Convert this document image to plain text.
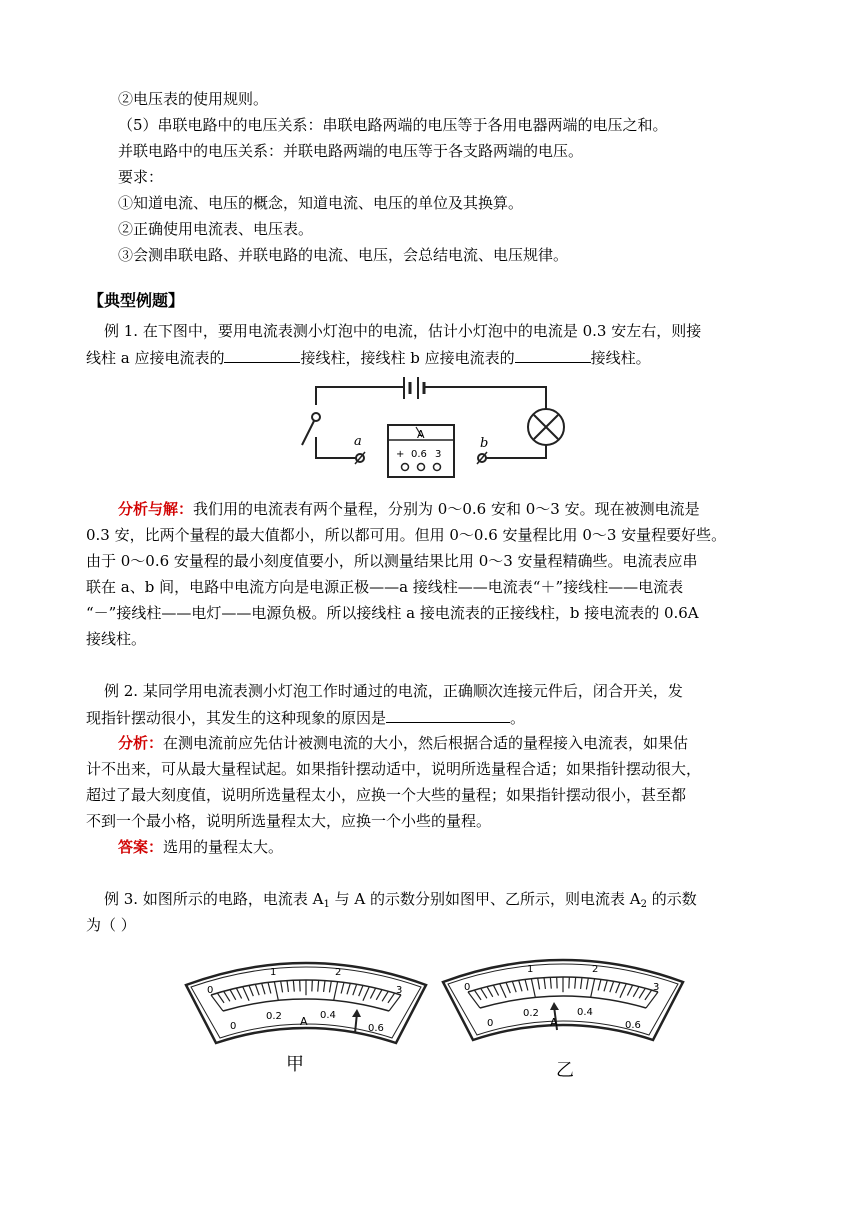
②电压表的使用规则。
（5）串联电路中的电压关系：串联电路两端的电压等于各用电器两端的电压之和。
并联电路中的电压关系：并联电路两端的电压等于各支路两端的电压。
要求：
①知道电流、电压的概念，知道电流、电压的单位及其换算。
②正确使用电流表、电压表。
③会测串联电路、并联电路的电流、电压，会总结电流、电压规律。
【典型例题】
例 1. 在下图中，要用电流表测小灯泡中的电流，估计小灯泡中的电流是 0.3 安左右，则接
线柱 a 应接电流表的	接线柱，接线柱 b 应接电流表的	接线柱。
a	b
A
+ 0.6 3
分析与解：我们用的电流表有两个量程，分别为 0～0.6 安和 0～3 安。现在被测电流是
0.3 安，比两个量程的最大值都小，所以都可用。但用 0～0.6 安量程比用 0～3 安量程要好些。
由于 0～0.6 安量程的最小刻度值要小，所以测量结果比用 0～3 安量程精确些。电流表应串
联在 a、b 间，电路中电流方向是电源正极——a 接线柱——电流表“＋”接线柱——电流表
“－”接线柱——电灯——电源负极。所以接线柱 a 接电流表的正接线柱，b 接电流表的 0.6A
接线柱。
例 2. 某同学用电流表测小灯泡工作时通过的电流，正确顺次连接元件后，闭合开关，发
现指针摆动很小，其发生的这种现象的原因是	。
分析：在测电流前应先估计被测电流的大小，然后根据合适的量程接入电流表，如果估
计不出来，可从最大量程试起。如果指针摆动适中，说明所选量程合适；如果指针摆动很大，
超过了最大刻度值，说明所选量程太小，应换一个大些的量程；如果指针摆动很小，甚至都
不到一个最小格，说明所选量程太大，应换一个小些的量程。
答案：选用的量程太大。
例 3. 如图所示的电路，电流表 $A_1$ 与 A 的示数分别如图甲、乙所示，则电流表 $A_2$ 的示数
为（ ）
0
1	2
3
0
0.2	0.4
0.6
A
甲
0
1	2
3
0
0.2	0.4
0.6
A
乙
